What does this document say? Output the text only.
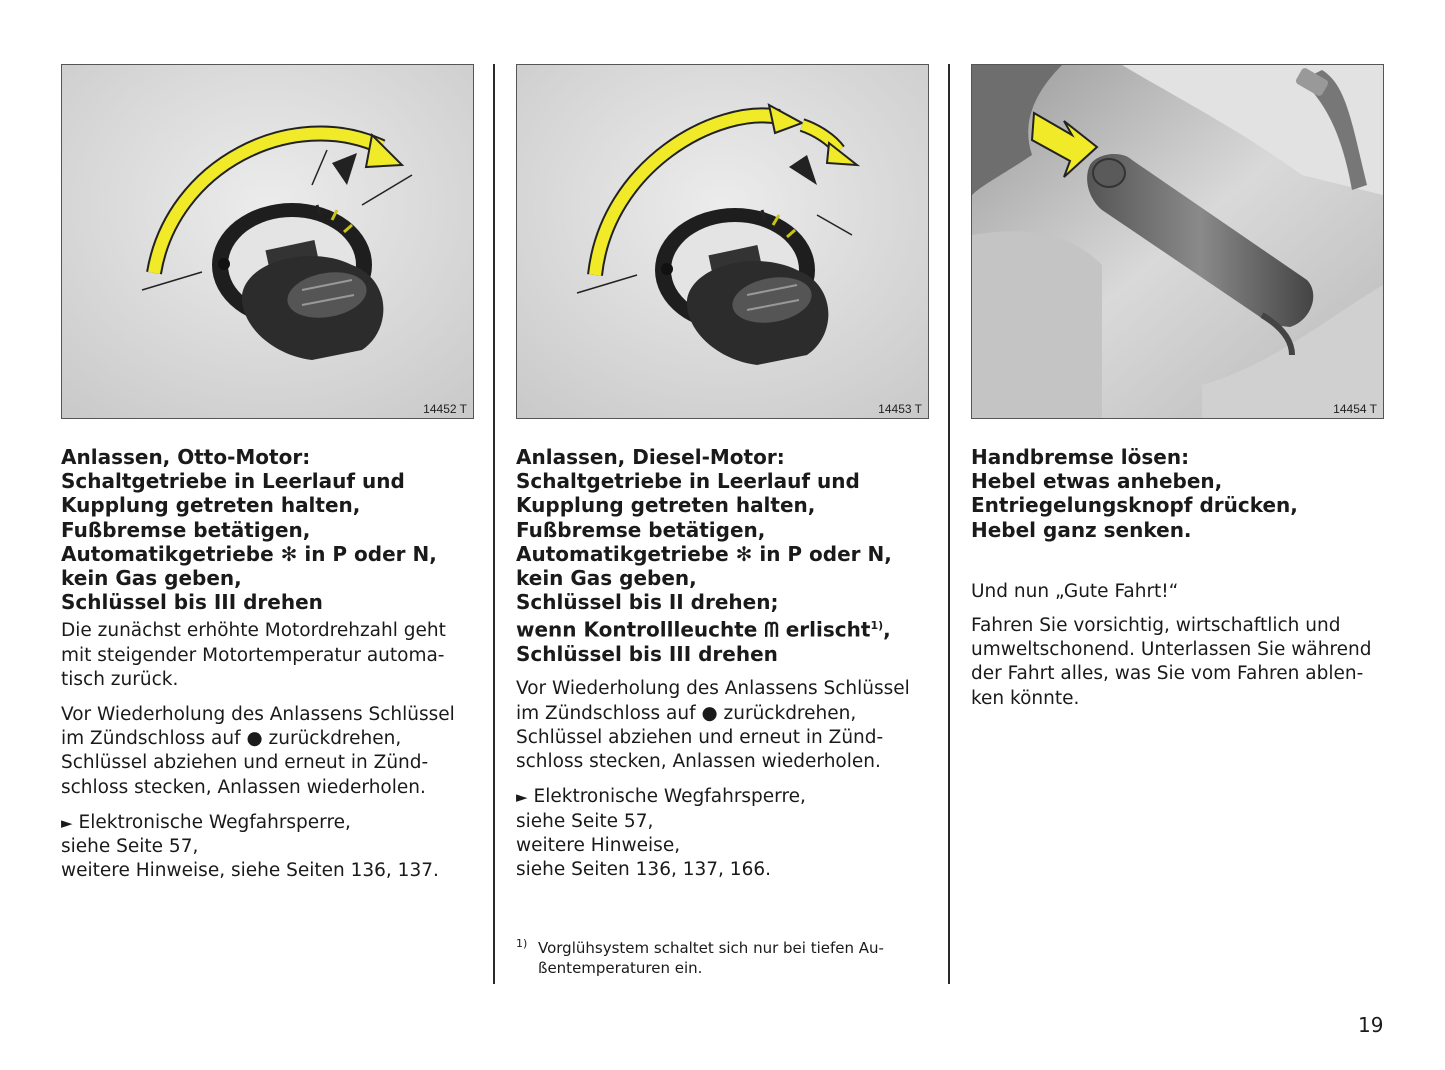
14452 T
Anlassen, Otto-Motor:
Schaltgetriebe in Leerlauf und
Kupplung getreten halten,
Fußbremse betätigen,
Automatikgetriebe ✻ in P oder N,
kein Gas geben,
Schlüssel bis III drehen
Die zunächst erhöhte Motordrehzahl geht
mit steigender Motortemperatur automa-
tisch zurück.
Vor Wiederholung des Anlassens Schlüssel
im Zündschloss auf ● zurückdrehen,
Schlüssel abziehen und erneut in Zünd-
schloss stecken, Anlassen wiederholen.
► Elektronische Wegfahrsperre,
siehe Seite 57,
weitere Hinweise, siehe Seiten 136, 137.
14453 T
Anlassen, Diesel-Motor:
Schaltgetriebe in Leerlauf und
Kupplung getreten halten,
Fußbremse betätigen,
Automatikgetriebe ✻ in P oder N,
kein Gas geben,
Schlüssel bis II drehen;
wenn Kontrollleuchte ᗰ erlischt$^{1)}$,
Schlüssel bis III drehen
Vor Wiederholung des Anlassens Schlüssel
im Zündschloss auf ● zurückdrehen,
Schlüssel abziehen und erneut in Zünd-
schloss stecken, Anlassen wiederholen.
► Elektronische Wegfahrsperre,
siehe Seite 57,
weitere Hinweise,
siehe Seiten 136, 137, 166.
1) Vorglühsystem schaltet sich nur bei tiefen Au-
ßentemperaturen ein.
14454 T
Handbremse lösen:
Hebel etwas anheben,
Entriegelungsknopf drücken,
Hebel ganz senken.
Und nun „Gute Fahrt!“
Fahren Sie vorsichtig, wirtschaftlich und
umweltschonend. Unterlassen Sie während
der Fahrt alles, was Sie vom Fahren ablen-
ken könnte.
19
